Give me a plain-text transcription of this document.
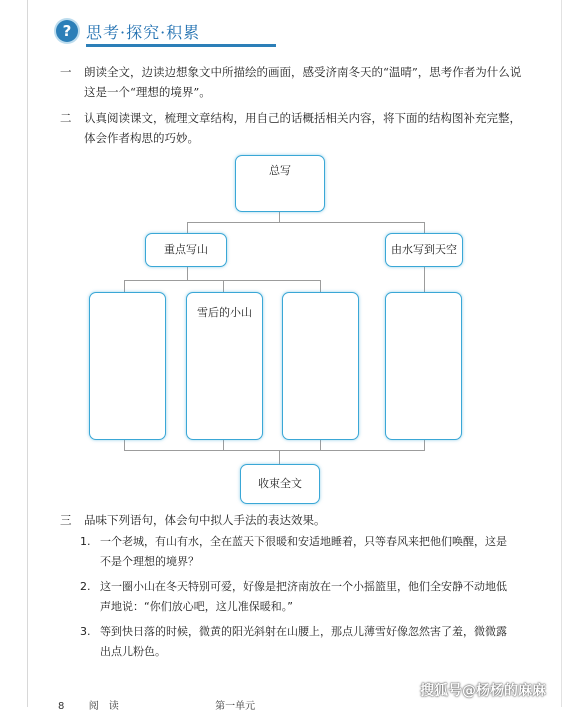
? 思考·探究·积累
一	朗读全文，边读边想象文中所描绘的画面，感受济南冬天的“温晴”，思考作者为什么说这是一个“理想的境界”。
二	认真阅读课文，梳理文章结构，用自己的话概括相关内容，将下面的结构图补充完整，体会作者构思的巧妙。
总写
重点写山	由水写到天空
雪后的小山
收束全文
三	品味下列语句，体会句中拟人手法的表达效果。
1. 一个老城，有山有水，全在蓝天下很暖和安适地睡着，只等春风来把他们唤醒，这是不是个理想的境界？
2. 这一圈小山在冬天特别可爱，好像是把济南放在一个小摇篮里，他们全安静不动地低声地说：“你们放心吧，这儿准保暖和。”
3. 等到快日落的时候，微黄的阳光斜射在山腰上，那点儿薄雪好像忽然害了羞，微微露出点儿粉色。
8 阅　读	第一单元
搜狐号@杨杨的麻麻
